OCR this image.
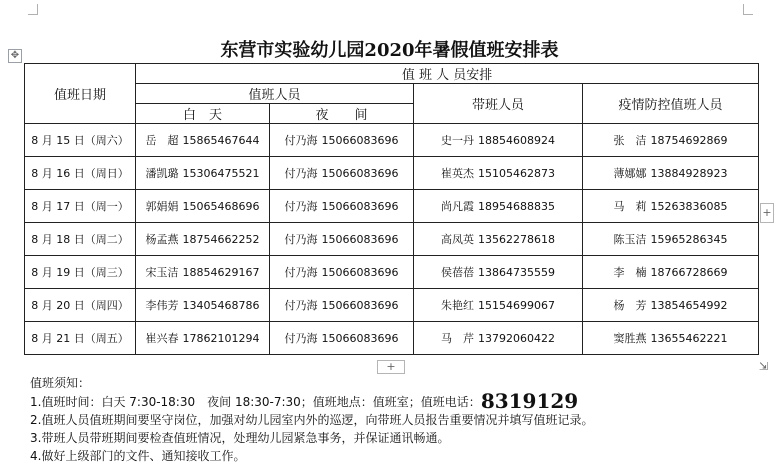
✥	东营市实验幼儿园2020年暑假值班安排表
值班日期	值 班 人 员安排			
	值班人员		带班人员	疫情防控值班人员
	白　天	夜　　间		
8 月 15 日（周六）	岳　超 15865467644	付乃海 15066083696	史一丹 18854608924	张　洁 18754692869
8 月 16 日（周日）	潘凯璐 15306475521	付乃海 15066083696	崔英杰 15105462873	薄娜娜 13884928923
8 月 17 日（周一）	郭娟娟 15065468696	付乃海 15066083696	尚凡霞 18954688835	马　莉 15263836085
8 月 18 日（周二）	杨孟燕 18754662252	付乃海 15066083696	高凤英 13562278618	陈玉洁 15965286345
8 月 19 日（周三）	宋玉洁 18854629167	付乃海 15066083696	侯蓓蓓 13864735559	李　楠 18766728669
8 月 20 日（周四）	李伟芳 13405468786	付乃海 15066083696	朱艳红 15154699067	杨　芳 13854654992
8 月 21 日（周五）	崔兴春 17862101294	付乃海 15066083696	马　芹 13792060422	窦胜燕 13655462221
+
+
⇲
值班须知：
1.值班时间：白天 7:30-18:30　夜间 18:30-7:30；值班地点：值班室；值班电话：8319129
2.值班人员值班期间要坚守岗位，加强对幼儿园室内外的巡逻，向带班人员报告重要情况并填写值班记录。
3.带班人员带班期间要检查值班情况，处理幼儿园紧急事务，并保证通讯畅通。
4.做好上级部门的文件、通知接收工作。
